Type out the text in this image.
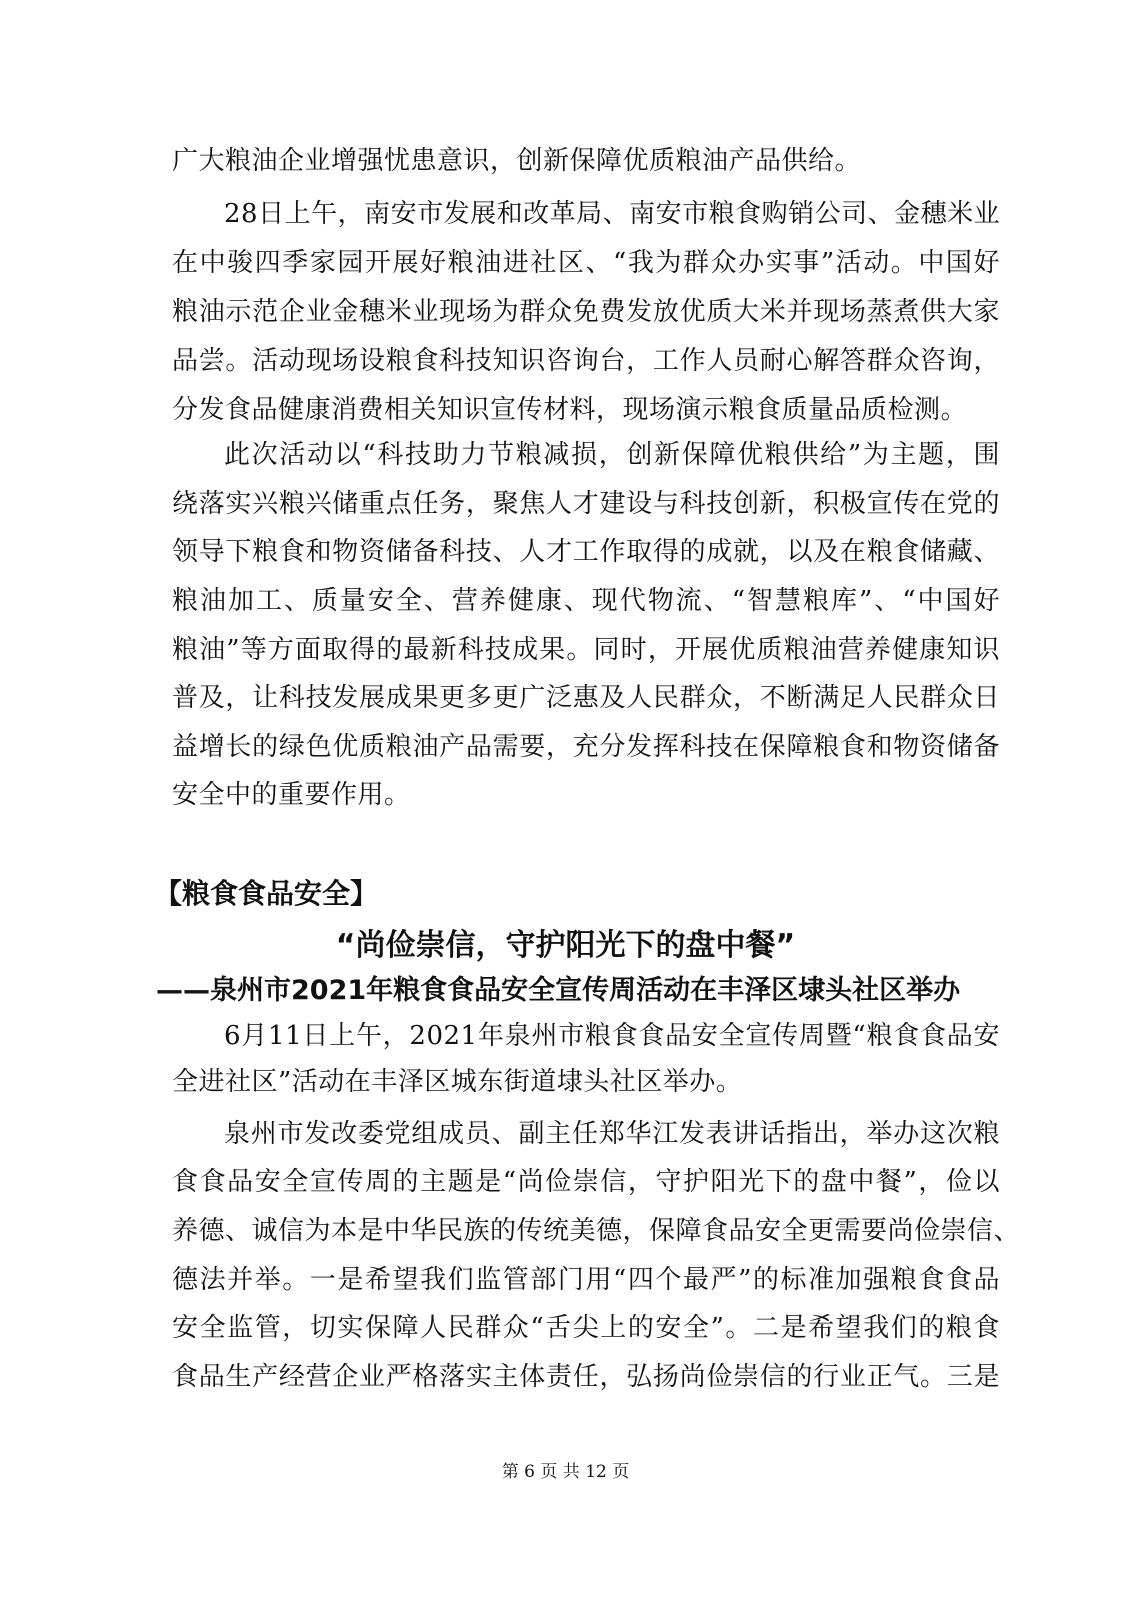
广大粮油企业增强忧患意识，创新保障优质粮油产品供给。
28日上午，南安市发展和改革局、南安市粮食购销公司、金穗米业
在中骏四季家园开展好粮油进社区、“我为群众办实事”活动。中国好
粮油示范企业金穗米业现场为群众免费发放优质大米并现场蒸煮供大家
品尝。活动现场设粮食科技知识咨询台，工作人员耐心解答群众咨询，
分发食品健康消费相关知识宣传材料，现场演示粮食质量品质检测。
此次活动以“科技助力节粮减损，创新保障优粮供给”为主题，围
绕落实兴粮兴储重点任务，聚焦人才建设与科技创新，积极宣传在党的
领导下粮食和物资储备科技、人才工作取得的成就，以及在粮食储藏、
粮油加工、质量安全、营养健康、现代物流、“智慧粮库”、“中国好
粮油”等方面取得的最新科技成果。同时，开展优质粮油营养健康知识
普及，让科技发展成果更多更广泛惠及人民群众，不断满足人民群众日
益增长的绿色优质粮油产品需要，充分发挥科技在保障粮食和物资储备
安全中的重要作用。
【粮食食品安全】
“尚俭崇信，守护阳光下的盘中餐”
——泉州市2021年粮食食品安全宣传周活动在丰泽区埭头社区举办
6月11日上午，2021年泉州市粮食食品安全宣传周暨“粮食食品安
全进社区”活动在丰泽区城东街道埭头社区举办。
泉州市发改委党组成员、副主任郑华江发表讲话指出，举办这次粮
食食品安全宣传周的主题是“尚俭崇信，守护阳光下的盘中餐”，俭以
养德、诚信为本是中华民族的传统美德，保障食品安全更需要尚俭崇信、
德法并举。一是希望我们监管部门用“四个最严”的标准加强粮食食品
安全监管，切实保障人民群众“舌尖上的安全”。二是希望我们的粮食
食品生产经营企业严格落实主体责任，弘扬尚俭崇信的行业正气。三是
第 6 页 共 12 页
